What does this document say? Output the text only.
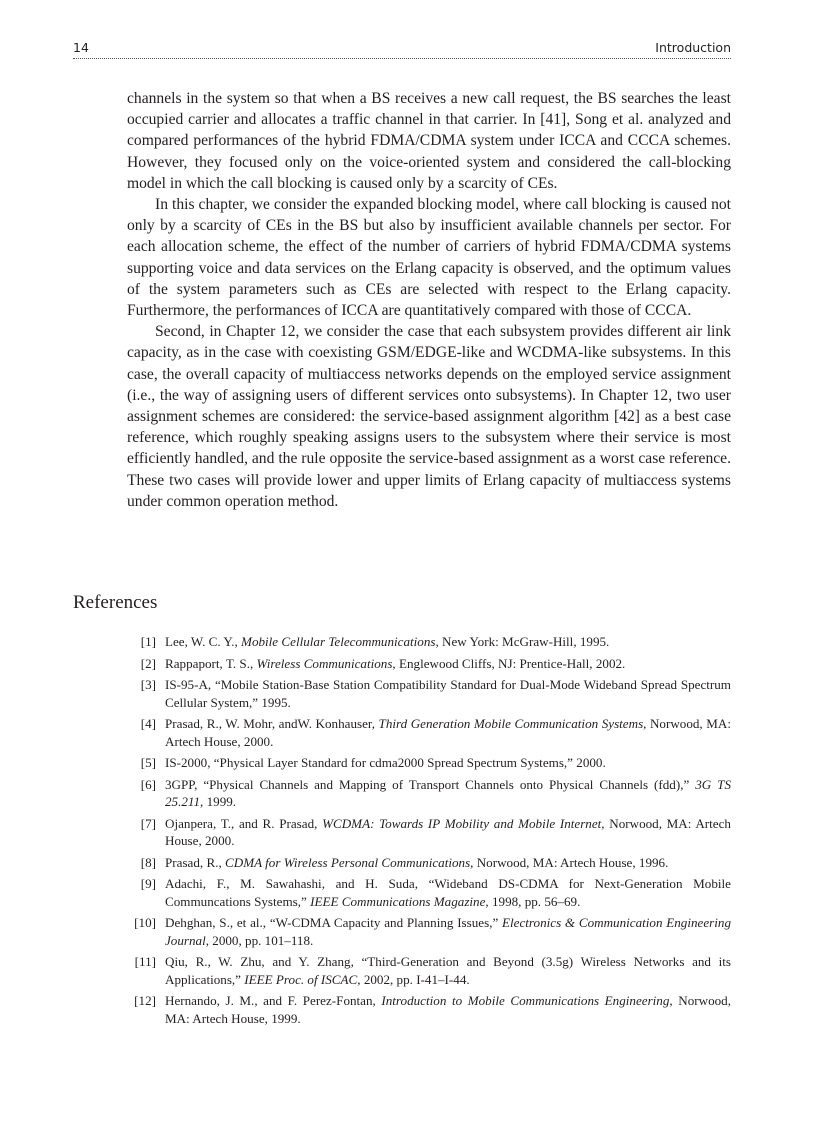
14	Introduction

channels in the system so that when a BS receives a new call request, the BS searches the least occupied carrier and allocates a traffic channel in that carrier. In [41], Song et al. analyzed and compared performances of the hybrid FDMA/CDMA system under ICCA and CCCA schemes. However, they focused only on the voice-oriented system and considered the call-blocking model in which the call blocking is caused only by a scarcity of CEs.

In this chapter, we consider the expanded blocking model, where call blocking is caused not only by a scarcity of CEs in the BS but also by insufficient available channels per sector. For each allocation scheme, the effect of the number of carriers of hybrid FDMA/CDMA systems supporting voice and data services on the Erlang capacity is observed, and the optimum values of the system parameters such as CEs are selected with respect to the Erlang capacity. Furthermore, the performances of ICCA are quantitatively compared with those of CCCA.

Second, in Chapter 12, we consider the case that each subsystem provides different air link capacity, as in the case with coexisting GSM/EDGE-like and WCDMA-like subsystems. In this case, the overall capacity of multiaccess networks depends on the employed service assignment (i.e., the way of assigning users of different services onto subsystems). In Chapter 12, two user assignment schemes are considered: the service-based assignment algorithm [42] as a best case reference, which roughly speaking assigns users to the subsystem where their service is most efficiently handled, and the rule opposite the service-based assignment as a worst case reference. These two cases will provide lower and upper limits of Erlang capacity of multiaccess systems under common operation method.

References
[1] Lee, W. C. Y., Mobile Cellular Telecommunications, New York: McGraw-Hill, 1995.
[2] Rappaport, T. S., Wireless Communications, Englewood Cliffs, NJ: Prentice-Hall, 2002.
[3] IS-95-A, “Mobile Station-Base Station Compatibility Standard for Dual-Mode Wideband Spread Spectrum Cellular System,” 1995.
[4] Prasad, R., W. Mohr, andW. Konhauser, Third Generation Mobile Communication Systems, Norwood, MA: Artech House, 2000.
[5] IS-2000, “Physical Layer Standard for cdma2000 Spread Spectrum Systems,” 2000.
[6] 3GPP, “Physical Channels and Mapping of Transport Channels onto Physical Channels (fdd),” 3G TS 25.211, 1999.
[7] Ojanpera, T., and R. Prasad, WCDMA: Towards IP Mobility and Mobile Internet, Norwood, MA: Artech House, 2000.
[8] Prasad, R., CDMA for Wireless Personal Communications, Norwood, MA: Artech House, 1996.
[9] Adachi, F., M. Sawahashi, and H. Suda, “Wideband DS-CDMA for Next-Generation Mobile Communcations Systems,” IEEE Communications Magazine, 1998, pp. 56–69.
[10] Dehghan, S., et al., “W-CDMA Capacity and Planning Issues,” Electronics & Communication Engineering Journal, 2000, pp. 101–118.
[11] Qiu, R., W. Zhu, and Y. Zhang, “Third-Generation and Beyond (3.5g) Wireless Networks and its Applications,” IEEE Proc. of ISCAC, 2002, pp. I-41–I-44.
[12] Hernando, J. M., and F. Perez-Fontan, Introduction to Mobile Communications Engineering, Norwood, MA: Artech House, 1999.
